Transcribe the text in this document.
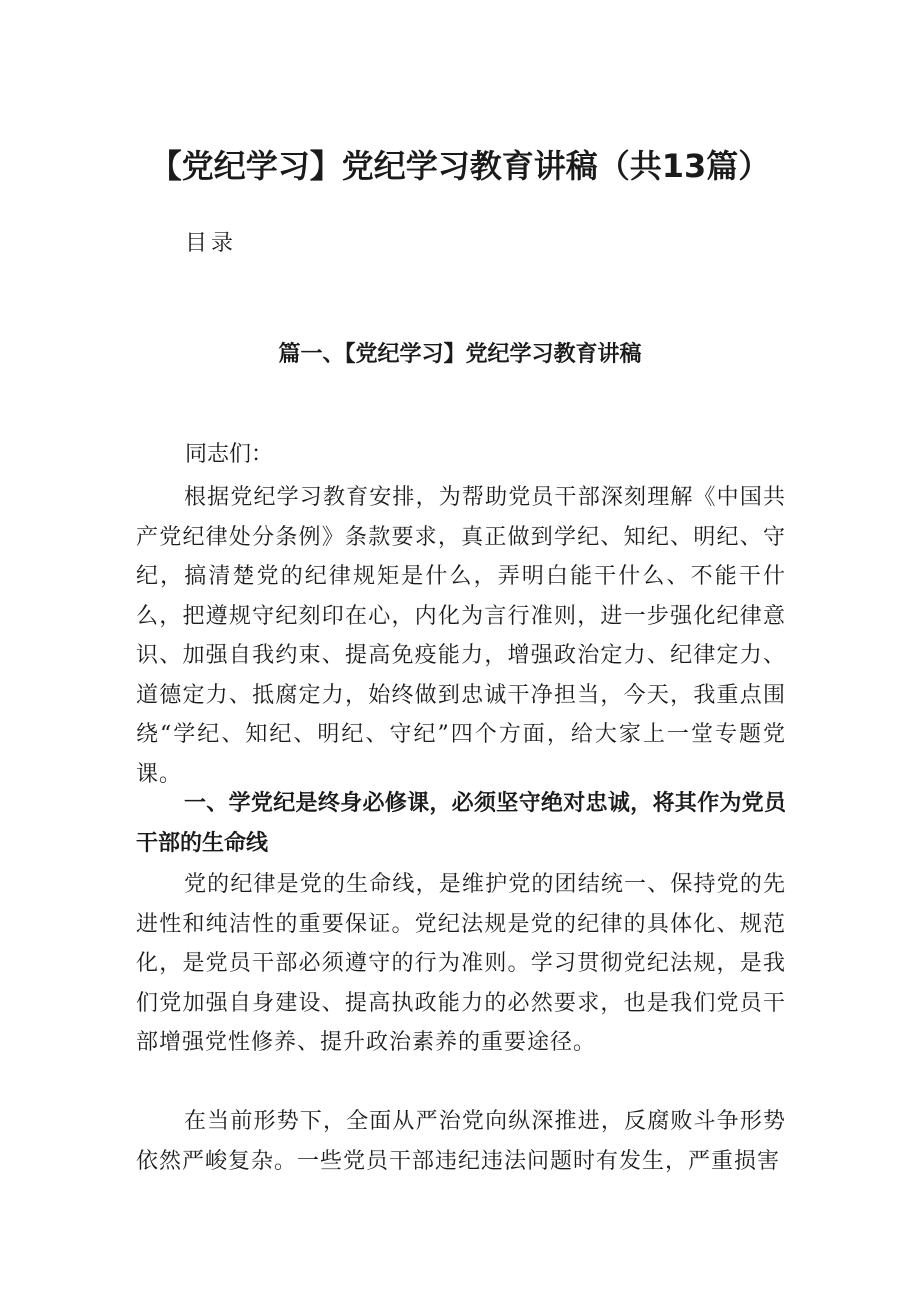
【党纪学习】党纪学习教育讲稿（共13篇）

目录

篇一、【党纪学习】党纪学习教育讲稿

同志们：

根据党纪学习教育安排，为帮助党员干部深刻理解《中国共产党纪律处分条例》条款要求，真正做到学纪、知纪、明纪、守纪，搞清楚党的纪律规矩是什么，弄明白能干什么、不能干什么，把遵规守纪刻印在心，内化为言行准则，进一步强化纪律意识、加强自我约束、提高免疫能力，增强政治定力、纪律定力、道德定力、抵腐定力，始终做到忠诚干净担当，今天，我重点围绕“学纪、知纪、明纪、守纪”四个方面，给大家上一堂专题党课。

一、学党纪是终身必修课，必须坚守绝对忠诚，将其作为党员干部的生命线

党的纪律是党的生命线，是维护党的团结统一、保持党的先进性和纯洁性的重要保证。党纪法规是党的纪律的具体化、规范化，是党员干部必须遵守的行为准则。学习贯彻党纪法规，是我们党加强自身建设、提高执政能力的必然要求，也是我们党员干部增强党性修养、提升政治素养的重要途径。

在当前形势下，全面从严治党向纵深推进，反腐败斗争形势依然严峻复杂。一些党员干部违纪违法问题时有发生，严重损害
